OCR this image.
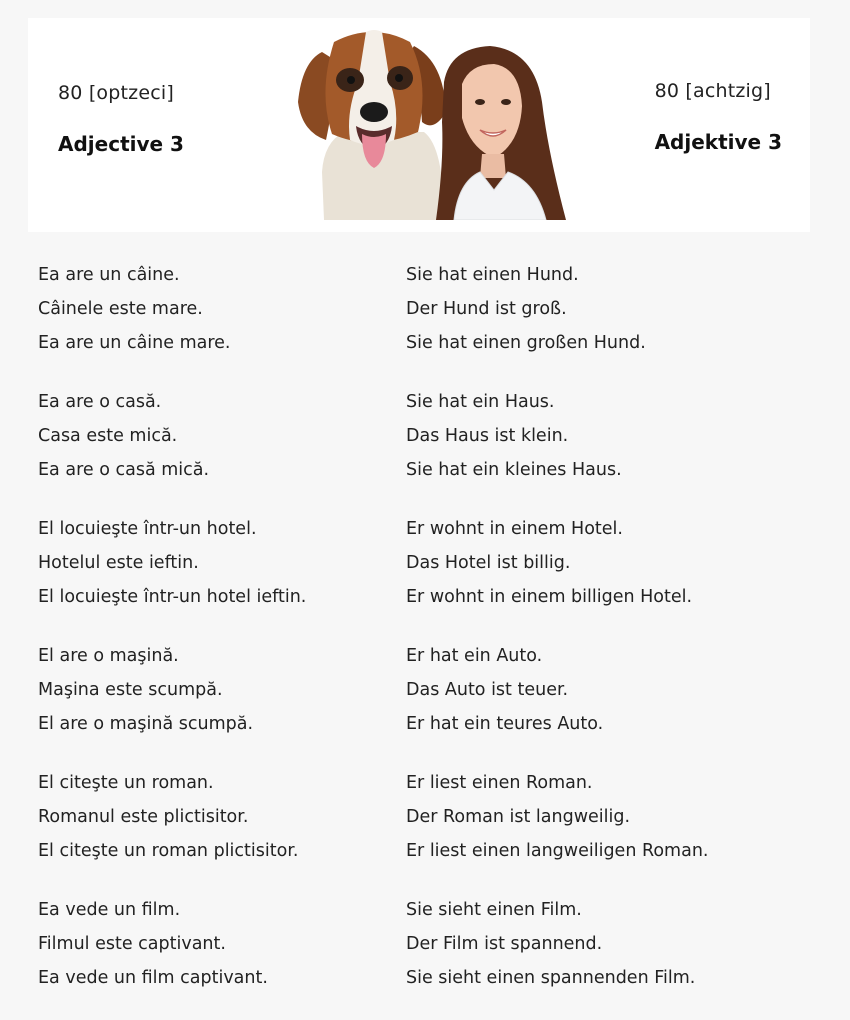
80 [optzeci]
Adjective 3
80 [achtzig]
Adjektive 3
Ea are un câine.	Sie hat einen Hund.
Câinele este mare.	Der Hund ist groß.
Ea are un câine mare.	Sie hat einen großen Hund.
Ea are o casă.	Sie hat ein Haus.
Casa este mică.	Das Haus ist klein.
Ea are o casă mică.	Sie hat ein kleines Haus.
El locuieşte într-un hotel.	Er wohnt in einem Hotel.
Hotelul este ieftin.	Das Hotel ist billig.
El locuieşte într-un hotel ieftin.	Er wohnt in einem billigen Hotel.
El are o maşină.	Er hat ein Auto.
Maşina este scumpă.	Das Auto ist teuer.
El are o maşină scumpă.	Er hat ein teures Auto.
El citeşte un roman.	Er liest einen Roman.
Romanul este plictisitor.	Der Roman ist langweilig.
El citeşte un roman plictisitor.	Er liest einen langweiligen Roman.
Ea vede un film.	Sie sieht einen Film.
Filmul este captivant.	Der Film ist spannend.
Ea vede un film captivant.	Sie sieht einen spannenden Film.
